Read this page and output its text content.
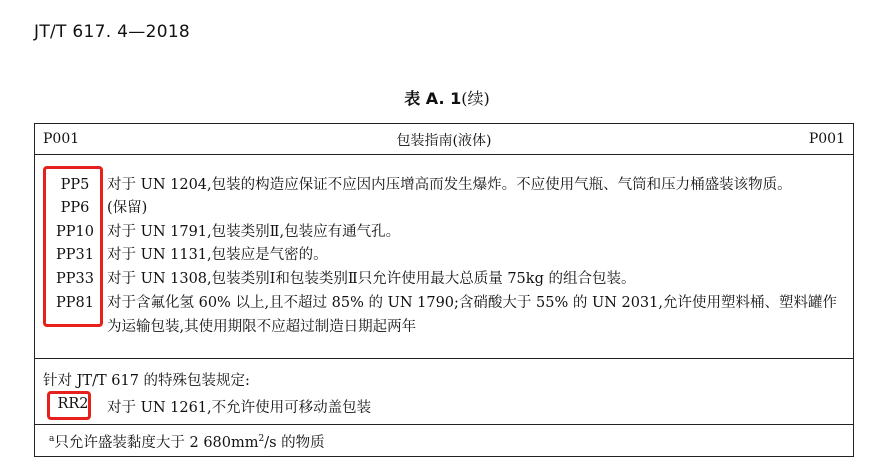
JT/T 617. 4—2018
表 A. 1(续)
P001	包装指南(液体)	P001
PP5	对于 UN 1204,包装的构造应保证不应因内压增高而发生爆炸。不应使用气瓶、气筒和压力桶盛装该物质。
PP6	(保留)
PP10 对于 UN 1791,包装类别Ⅱ,包装应有通气孔。
PP31 对于 UN 1131,包装应是气密的。
PP33 对于 UN 1308,包装类别Ⅰ和包装类别Ⅱ只允许使用最大总质量 75kg 的组合包装。
PP81 对于含氟化氢 60% 以上,且不超过 85% 的 UN 1790;含硝酸大于 55% 的 UN 2031,允许使用塑料桶、塑料罐作
为运输包装,其使用期限不应超过制造日期起两年
针对 JT/T 617 的特殊包装规定:
RR2	对于 UN 1261,不允许使用可移动盖包装
$^a$只允许盛装黏度大于 2 $680mm^2/s$ 的物质
